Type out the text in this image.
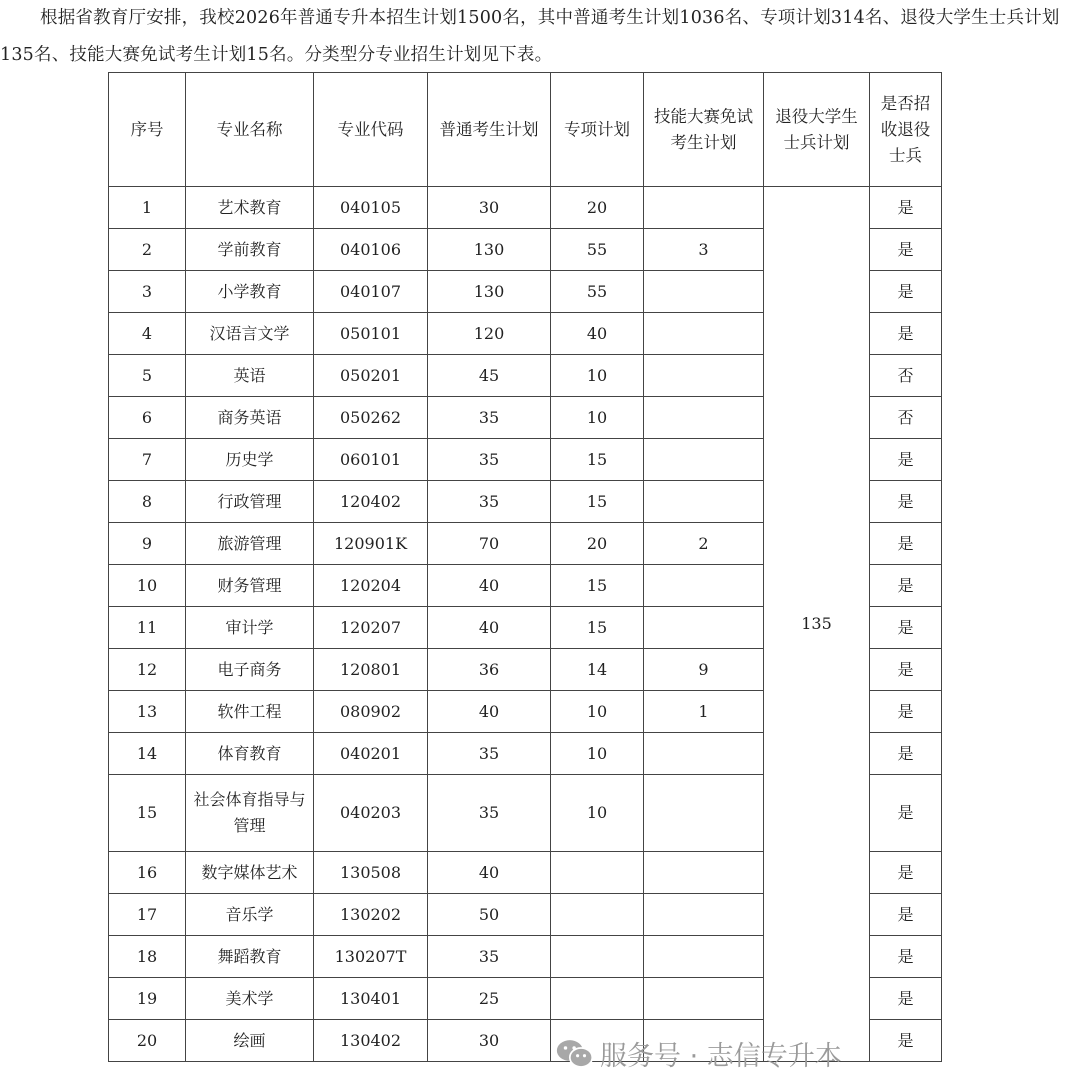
根据省教育厅安排，我校2026年普通专升本招生计划1500名，其中普通考生计划1036名、专项计划314名、退役大学生士兵计划135名、技能大赛免试考生计划15名。分类型分专业招生计划见下表。

序号	专业名称	专业代码	普通考生计划	专项计划	技能大赛免试考生计划	退役大学生士兵计划	是否招收退役士兵
1	艺术教育	040105	30	20		135	是
2	学前教育	040106	130	55	3		是
3	小学教育	040107	130	55			是
4	汉语言文学	050101	120	40			是
5	英语	050201	45	10			否
6	商务英语	050262	35	10			否
7	历史学	060101	35	15			是
8	行政管理	120402	35	15			是
9	旅游管理	120901K	70	20	2		是
10	财务管理	120204	40	15			是
11	审计学	120207	40	15			是
12	电子商务	120801	36	14	9		是
13	软件工程	080902	40	10	1		是
14	体育教育	040201	35	10			是
15	社会体育指导与管理	040203	35	10			是
16	数字媒体艺术	130508	40				是
17	音乐学	130202	50				是
18	舞蹈教育	130207T	35				是
19	美术学	130401	25				是
20	绘画	130402	30				是
服务号 · 志信专升本
